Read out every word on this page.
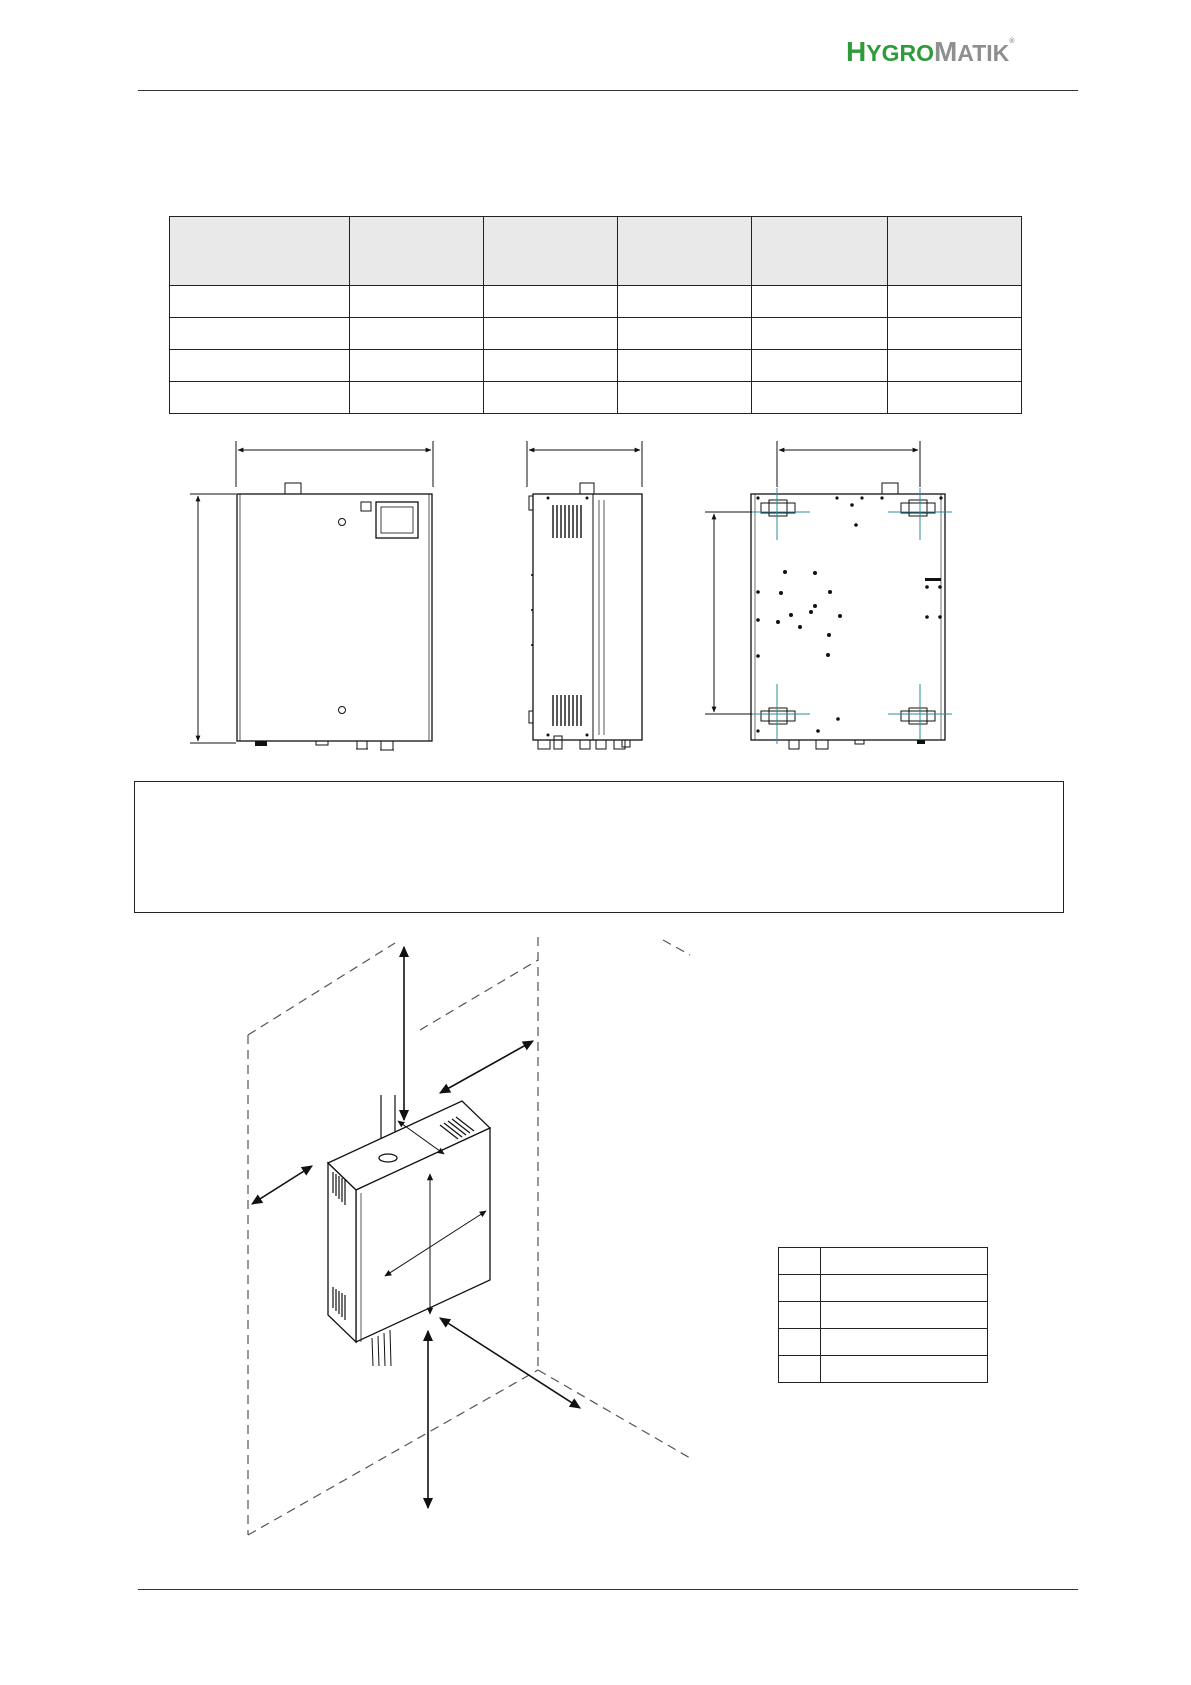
HYGROMATIK®
